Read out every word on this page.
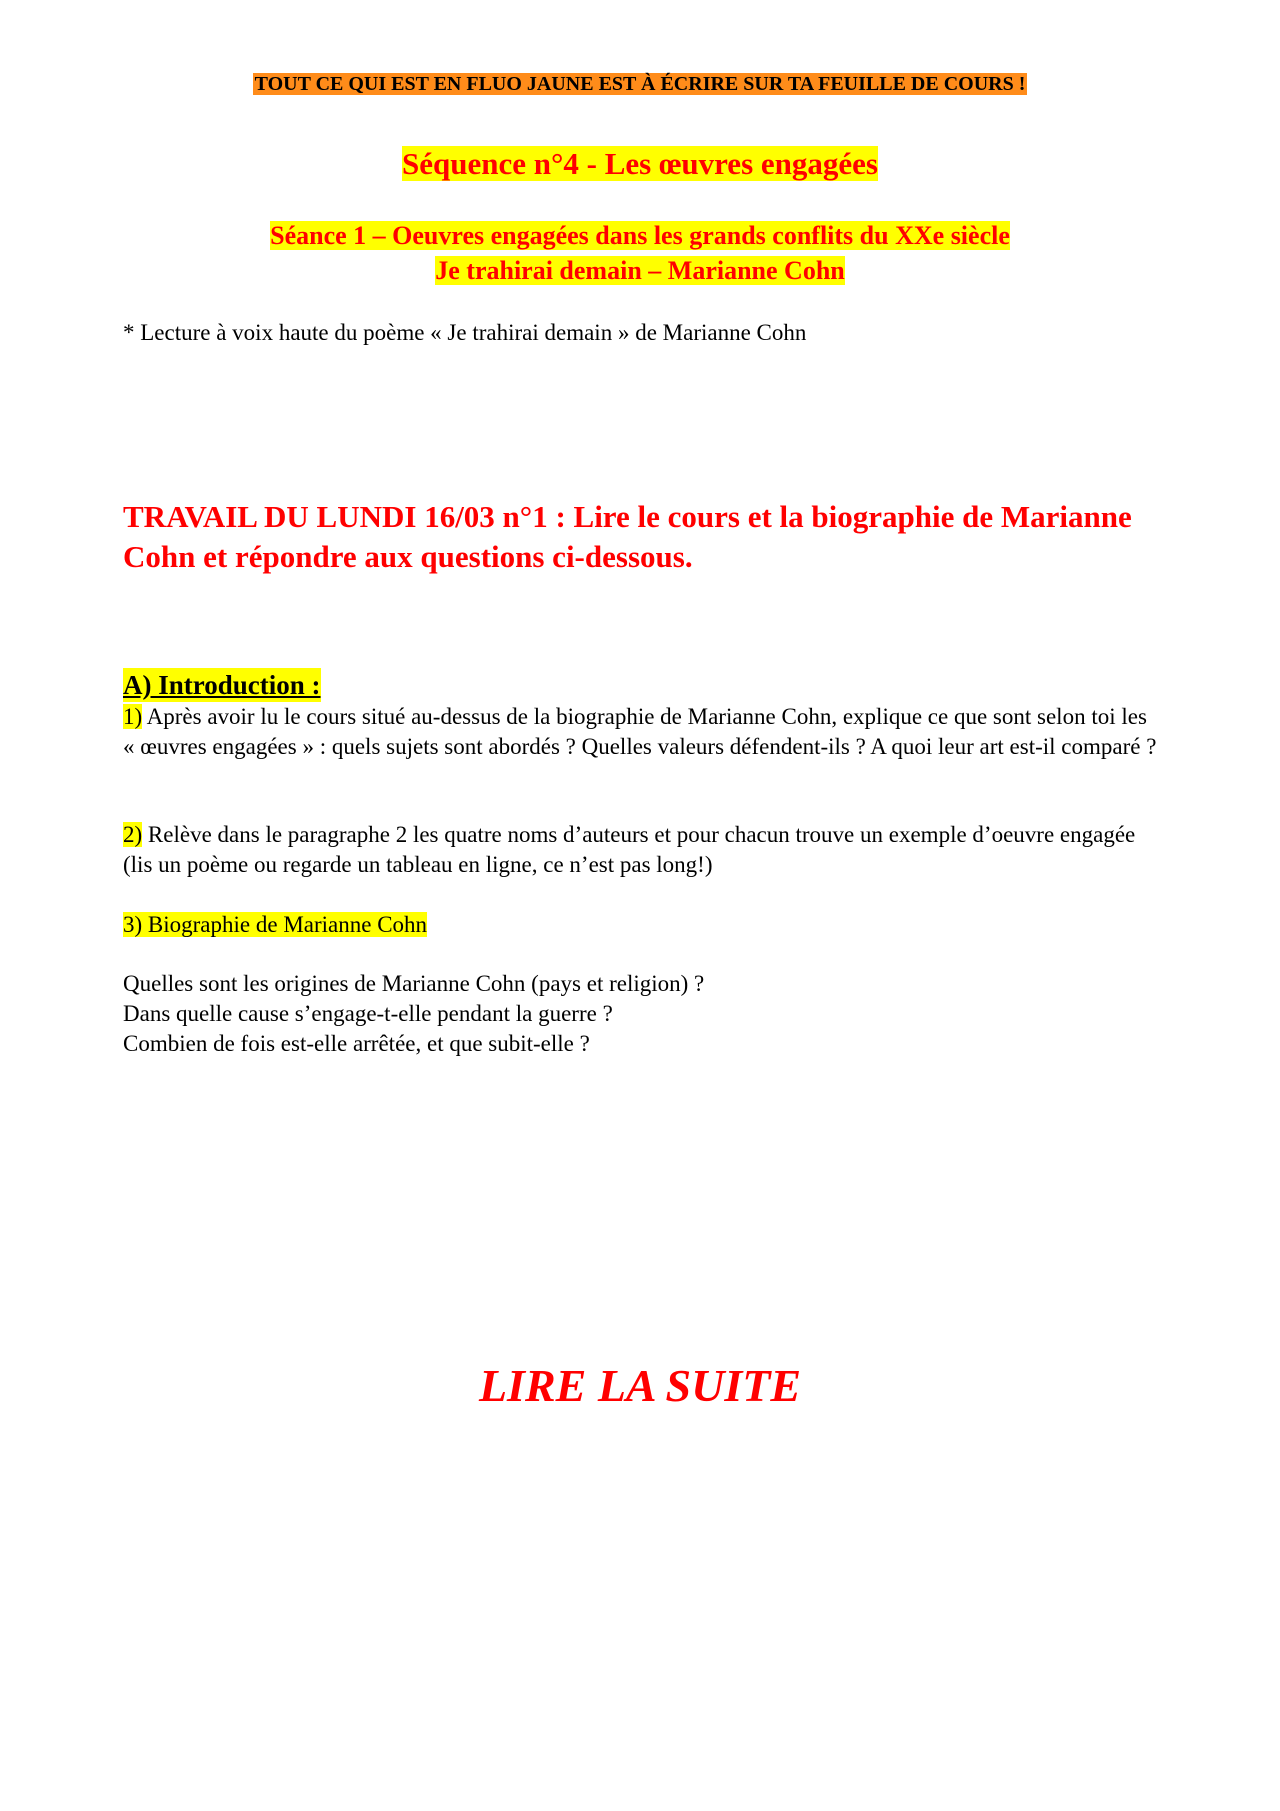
TOUT CE QUI EST EN FLUO JAUNE EST À ÉCRIRE SUR TA FEUILLE DE COURS !
Séquence n°4 - Les œuvres engagées
Séance 1 – Oeuvres engagées dans les grands conflits du XXe siècle
Je trahirai demain – Marianne Cohn
* Lecture à voix haute du poème « Je trahirai demain » de Marianne Cohn
TRAVAIL DU LUNDI 16/03 n°1 : Lire le cours et la biographie de Marianne Cohn et répondre aux questions ci-dessous.
A) Introduction :
1) Après avoir lu le cours situé au-dessus de la biographie de Marianne Cohn, explique ce que sont selon toi les « œuvres engagées » : quels sujets sont abordés ? Quelles valeurs défendent-ils ? A quoi leur art est-il comparé ?
2) Relève dans le paragraphe 2 les quatre noms d’auteurs et pour chacun trouve un exemple d’oeuvre engagée (lis un poème ou regarde un tableau en ligne, ce n’est pas long!)
3) Biographie de Marianne Cohn
Quelles sont les origines de Marianne Cohn (pays et religion) ?
Dans quelle cause s’engage-t-elle pendant la guerre ?
Combien de fois est-elle arrêtée, et que subit-elle ?
LIRE LA SUITE
